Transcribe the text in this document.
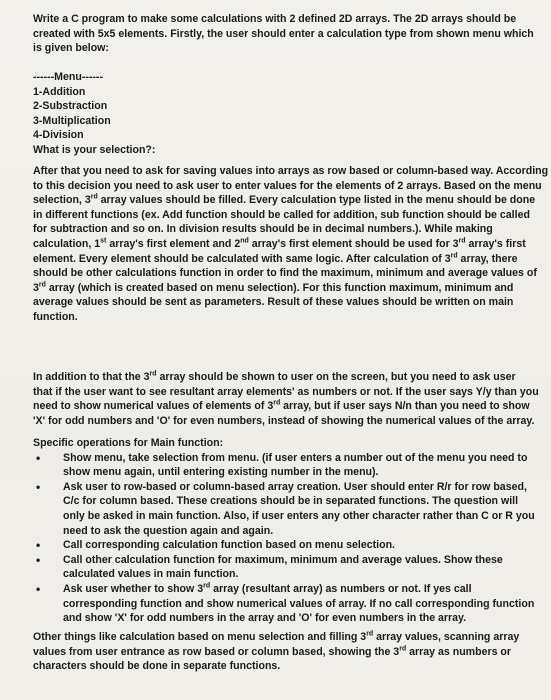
Write a C program to make some calculations with 2 defined 2D arrays. The 2D arrays should be
created with 5x5 elements. Firstly, the user should enter a calculation type from shown menu which
is given below:
------Menu------
1-Addition
2-Substraction
3-Multiplication
4-Division
What is your selection?:
After that you need to ask for saving values into arrays as row based or column-based way. According
to this decision you need to ask user to enter values for the elements of 2 arrays. Based on the menu
selection, 3rd array values should be filled. Every calculation type listed in the menu should be done
in different functions (ex. Add function should be called for addition, sub function should be called
for subtraction and so on. In division results should be in decimal numbers.). While making
calculation, 1st array's first element and 2nd array's first element should be used for 3rd array's first
element. Every element should be calculated with same logic. After calculation of 3rd array, there
should be other calculations function in order to find the maximum, minimum and average values of
3rd array (which is created based on menu selection). For this function maximum, minimum and
average values should be sent as parameters. Result of these values should be written on main
function.
In addition to that the 3rd array should be shown to user on the screen, but you need to ask user
that if the user want to see resultant array elements' as numbers or not. If the user says Y/y than you
need to show numerical values of elements of 3rd array, but if user says N/n than you need to show
'X' for odd numbers and 'O' for even numbers, instead of showing the numerical values of the array.
Specific operations for Main function:
• Show menu, take selection from menu. (if user enters a number out of the menu you need to
show menu again, until entering existing number in the menu).
• Ask user to row-based or column-based array creation. User should enter R/r for row based,
C/c for column based. These creations should be in separated functions. The question will
only be asked in main function. Also, if user enters any other character rather than C or R you
need to ask the question again and again.
• Call corresponding calculation function based on menu selection.
• Call other calculation function for maximum, minimum and average values. Show these
calculated values in main function.
• Ask user whether to show 3rd array (resultant array) as numbers or not. If yes call
corresponding function and show numerical values of array. If no call corresponding function
and show 'X' for odd numbers in the array and 'O' for even numbers in the array.
Other things like calculation based on menu selection and filling 3rd array values, scanning array
values from user entrance as row based or column based, showing the 3rd array as numbers or
characters should be done in separate functions.
